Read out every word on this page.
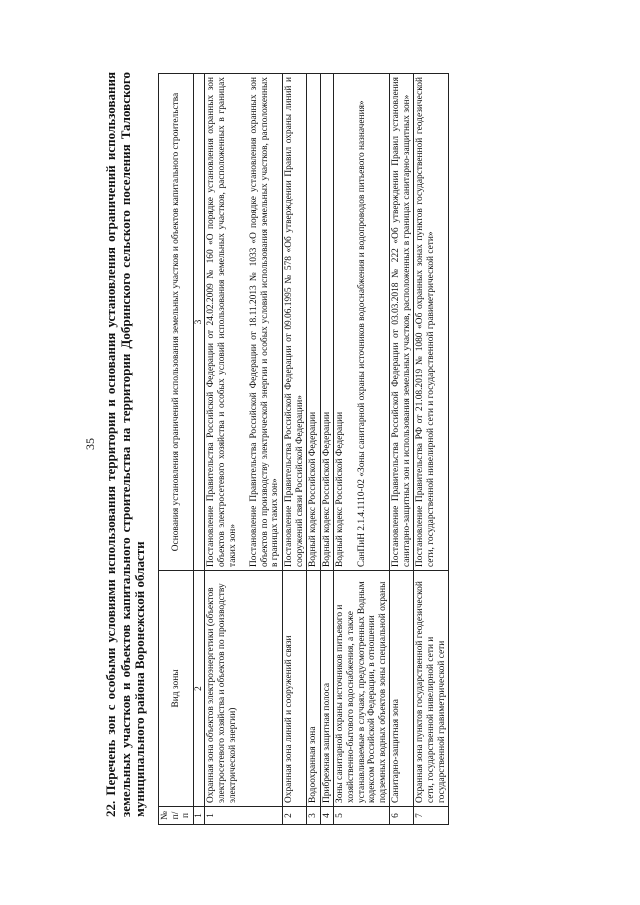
35 22. Перечень зон с особыми условиями использования территории и основания установления ограничений использования земельных участков и объектов капитального строительства на территории Добринского сельского поселения Таловского муниципального района Воронежской области № п/п	Вид зоны	Основания установления ограничений использования земельных участков и объектов капитального строительства
1	2	3
1	Охранная зона объектов электроэнергетики (объектов электросетевого хозяйства и объектов по производству электрической энергии)	Постановление Правительства Российской Федерации от 24.02.2009 № 160 «О порядке установления охранных зон объектов электросетевого хозяйства и особых условий использования земельных участков, расположенных в границах таких зон» Постановление Правительства Российской Федерации от 18.11.2013 № 1033 «О порядке установления охранных зон объектов по производству электрической энергии и особых условий использования земельных участков, расположенных в границах таких зон»

2	Охранная зона линий и сооружений связи	Постановление Правительства Российской Федерации от 09.06.1995 № 578 «Об утверждении Правил охраны линий и сооружений связи Российской Федерации»

3	Водоохранная зона	Водный кодекс Российской Федерации

4	Прибрежная защитная полоса	Водный кодекс Российской Федерации

5	Зоны санитарной охраны источников питьевого и хозяйственно-бытового водоснабжения, а также устанавливаемые в случаях, предусмотренных Водным кодексом Российской Федерации, в отношении подземных водных объектов зоны специальной охраны	Водный кодекс Российской Федерации СанПиН 2.1.4.1110-02 «Зоны санитарной охраны источников водоснабжения и водопроводов питьевого назначения»

6	Санитарно-защитная зона	Постановление Правительства Российской Федерации от 03.03.2018 № 222 «Об утверждении Правил установления санитарно-защитных зон и использования земельных участков, расположенных в границах санитарно-защитных зон»

7	Охранная зона пунктов государственной геодезической сети, государственной нивелирной сети и государственной гравиметрической сети	Постановление Правительства РФ от 21.08.2019 № 1080 «Об охранных зонах пунктов государственной геодезической сети, государственной нивелирной сети и государственной гравиметрической сети»
